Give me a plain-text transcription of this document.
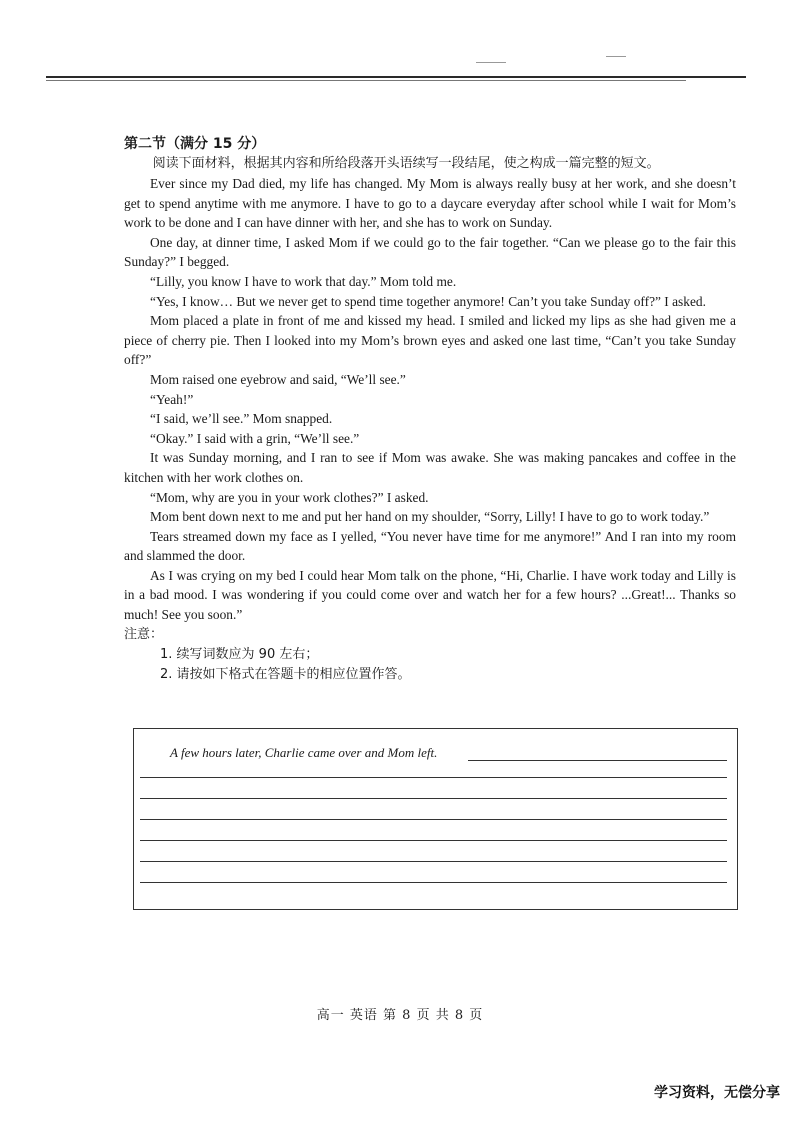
第二节（满分 15 分）

阅读下面材料，根据其内容和所给段落开头语续写一段结尾，使之构成一篇完整的短文。

Ever since my Dad died, my life has changed. My Mom is always really busy at her work, and she doesn’t get to spend anytime with me anymore. I have to go to a daycare everyday after school while I wait for Mom’s work to be done and I can have dinner with her, and she has to work on Sunday.

One day, at dinner time, I asked Mom if we could go to the fair together. “Can we please go to the fair this Sunday?” I begged.

“Lilly, you know I have to work that day.” Mom told me.

“Yes, I know… But we never get to spend time together anymore! Can’t you take Sunday off?” I asked.

Mom placed a plate in front of me and kissed my head. I smiled and licked my lips as she had given me a piece of cherry pie. Then I looked into my Mom’s brown eyes and asked one last time, “Can’t you take Sunday off?”

Mom raised one eyebrow and said, “We’ll see.”

“Yeah!”

“I said, we’ll see.” Mom snapped.

“Okay.” I said with a grin, “We’ll see.”

It was Sunday morning, and I ran to see if Mom was awake. She was making pancakes and coffee in the kitchen with her work clothes on.

“Mom, why are you in your work clothes?” I asked.

Mom bent down next to me and put her hand on my shoulder, “Sorry, Lilly! I have to go to work today.”

Tears streamed down my face as I yelled, “You never have time for me anymore!” And I ran into my room and slammed the door.

As I was crying on my bed I could hear Mom talk on the phone, “Hi, Charlie. I have work today and Lilly is in a bad mood. I was wondering if you could come over and watch her for a few hours? ...Great!... Thanks so much! See you soon.”

注意：

1. 续写词数应为 90 左右；

2. 请按如下格式在答题卡的相应位置作答。

A few hours later, Charlie came over and Mom left.
高一 英语 第 8 页 共 8 页
学习资料，无偿分享
